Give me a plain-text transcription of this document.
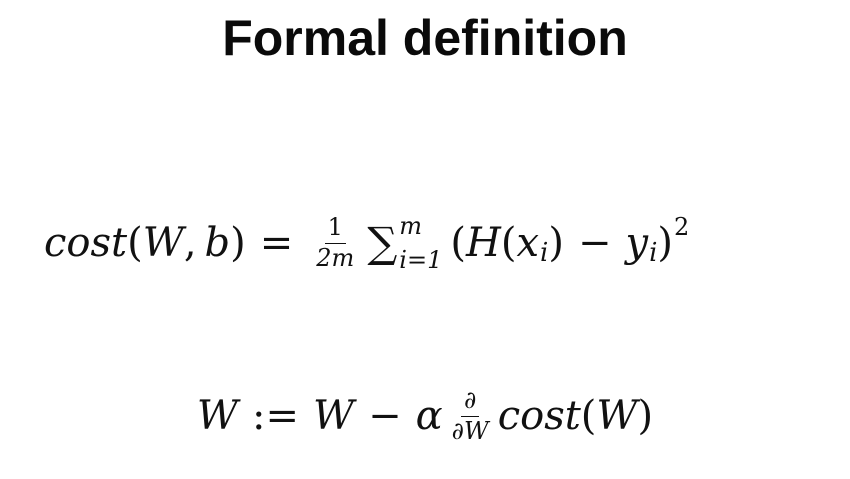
Formal definition
cost ( W , b ) = $\frac{1}{2m}$ ∑ m
i=1 ( H ( x i ) − y i ) 2
W := W − α $\frac{\partial}{\partial W}$ cost ( W )
